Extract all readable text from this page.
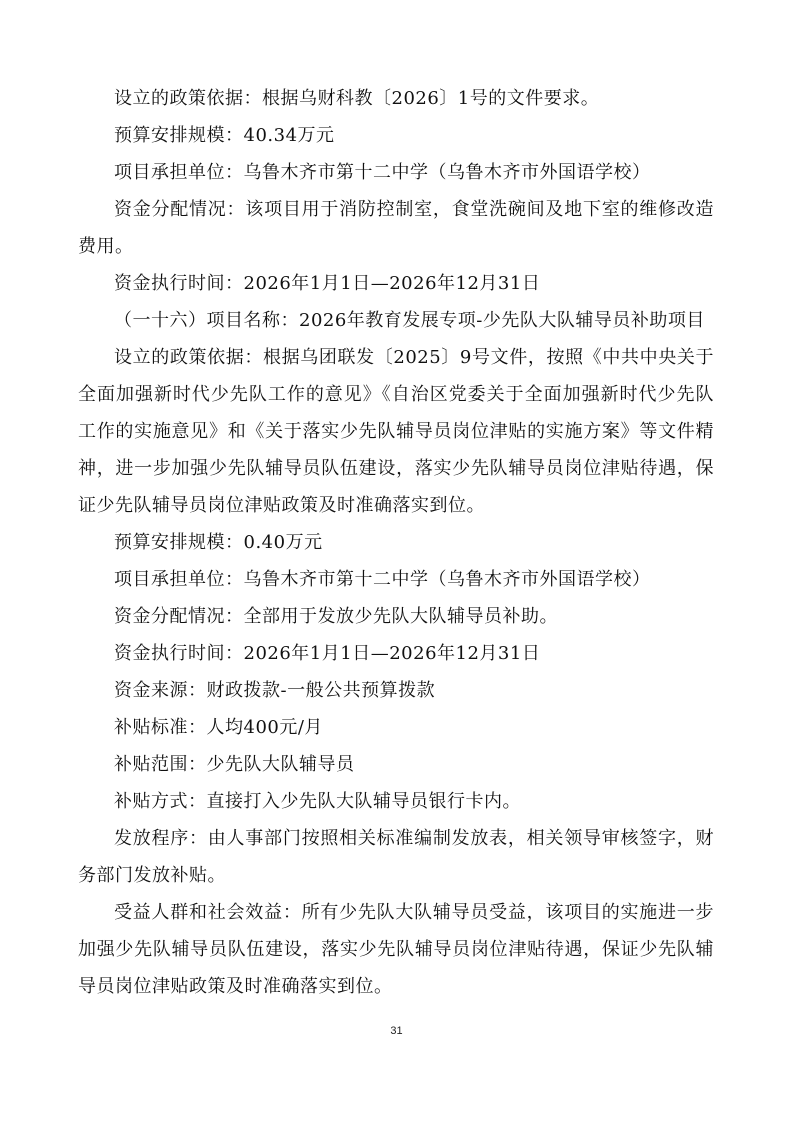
设立的政策依据：根据乌财科教〔2026〕1号的文件要求。

预算安排规模：40.34万元

项目承担单位：乌鲁木齐市第十二中学（乌鲁木齐市外国语学校）

资金分配情况：该项目用于消防控制室，食堂洗碗间及地下室的维修改造费用。

资金执行时间：2026年1月1日—2026年12月31日

（一十六）项目名称：2026年教育发展专项-少先队大队辅导员补助项目

设立的政策依据：根据乌团联发〔2025〕9号文件，按照《中共中央关于全面加强新时代少先队工作的意见》《自治区党委关于全面加强新时代少先队工作的实施意见》和《关于落实少先队辅导员岗位津贴的实施方案》等文件精神，进一步加强少先队辅导员队伍建设，落实少先队辅导员岗位津贴待遇，保证少先队辅导员岗位津贴政策及时准确落实到位。

预算安排规模：0.40万元

项目承担单位：乌鲁木齐市第十二中学（乌鲁木齐市外国语学校）

资金分配情况：全部用于发放少先队大队辅导员补助。

资金执行时间：2026年1月1日—2026年12月31日

资金来源：财政拨款-一般公共预算拨款

补贴标准：人均400元/月

补贴范围：少先队大队辅导员

补贴方式：直接打入少先队大队辅导员银行卡内。

发放程序：由人事部门按照相关标准编制发放表，相关领导审核签字，财务部门发放补贴。

受益人群和社会效益：所有少先队大队辅导员受益，该项目的实施进一步加强少先队辅导员队伍建设，落实少先队辅导员岗位津贴待遇，保证少先队辅导员岗位津贴政策及时准确落实到位。

31
